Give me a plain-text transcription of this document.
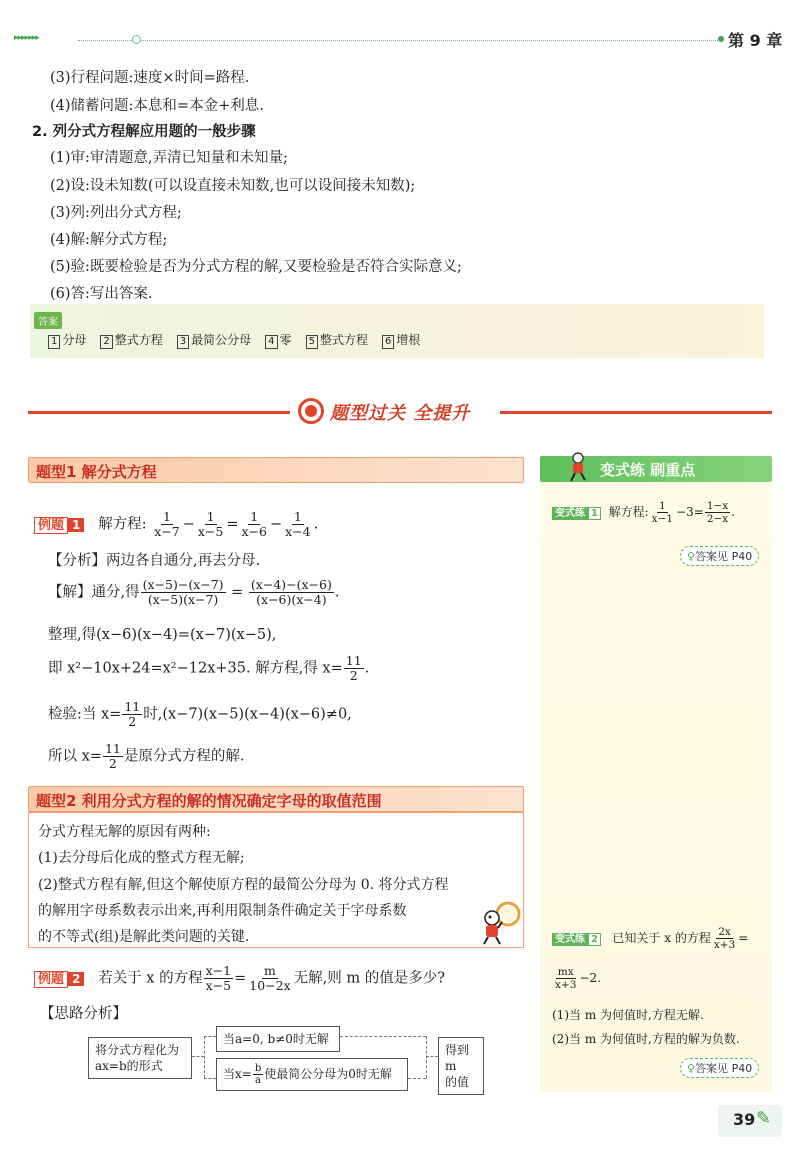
▸▸▸▸▸▸▸	第 9 章
(3)行程问题:速度×时间=路程.
(4)储蓄问题:本息和=本金+利息.
2. 列分式方程解应用题的一般步骤
(1)审:审清题意,弄清已知量和未知量;
(2)设:设未知数(可以设直接未知数,也可以设间接未知数);
(3)列:列出分式方程;
(4)解:解分式方程;
(5)验:既要检验是否为分式方程的解,又要检验是否符合实际意义;
(6)答:写出答案.
答案
1 分母	2 整式方程	3 最简公分母	4 零	5 整式方程	6 增根
题型过关 全提升
题型1 解分式方程
例题 1 解方程: $\frac{1}{x-7} - \frac{1}{x-5} = \frac{1}{x-6} - \frac{1}{x-4}$ .
【分析】两边各自通分,再去分母.
【解】通分,得 $\frac{(x-5)-(x-7)}{(x-5)(x-7)} = \frac{(x-4)-(x-6)}{(x-6)(x-4)}$ .
整理,得(x−6)(x−4)=(x−7)(x−5),
即 x²−10x+24=x²−12x+35. 解方程,得 $x= \frac{11}{2}$ .
检验:当 $x= \frac{11}{2}$ 时,(x−7)(x−5)(x−4)(x−6)≠0,
所以 $x= \frac{11}{2}$ 是原分式方程的解.
题型2 利用分式方程的解的情况确定字母的取值范围
分式方程无解的原因有两种:
(1)去分母后化成的整式方程无解;
(2)整式方程有解,但这个解使原方程的最简公分母为 0. 将分式方程
的解用字母系数表示出来,再利用限制条件确定关于字母系数
的不等式(组)是解此类问题的关键.
例题 2 若关于 x 的方程 $\frac{x-1}{x-5} = \frac{m}{10-2x}$ 无解,则 m 的值是多少?
【思路分析】
将分式方程化为
ax=b的形式
当a=0, b≠0时无解
当$x= \frac{b}{a}$ 使最简公分母为0时无解
得到m
的值
变式练 刷重点
变式练 1 解方程: $\frac{1}{x-1} -3= \frac{1-x}{2-x}$ .
♀答案见 P40
变式练 2 已知关于 x 的方程 $\frac{2x}{x+3}$ =
$\frac{mx}{x+3} -2$.
(1)当 m 为何值时,方程无解.
(2)当 m 为何值时,方程的解为负数.
♀答案见 P40
39 ✎
